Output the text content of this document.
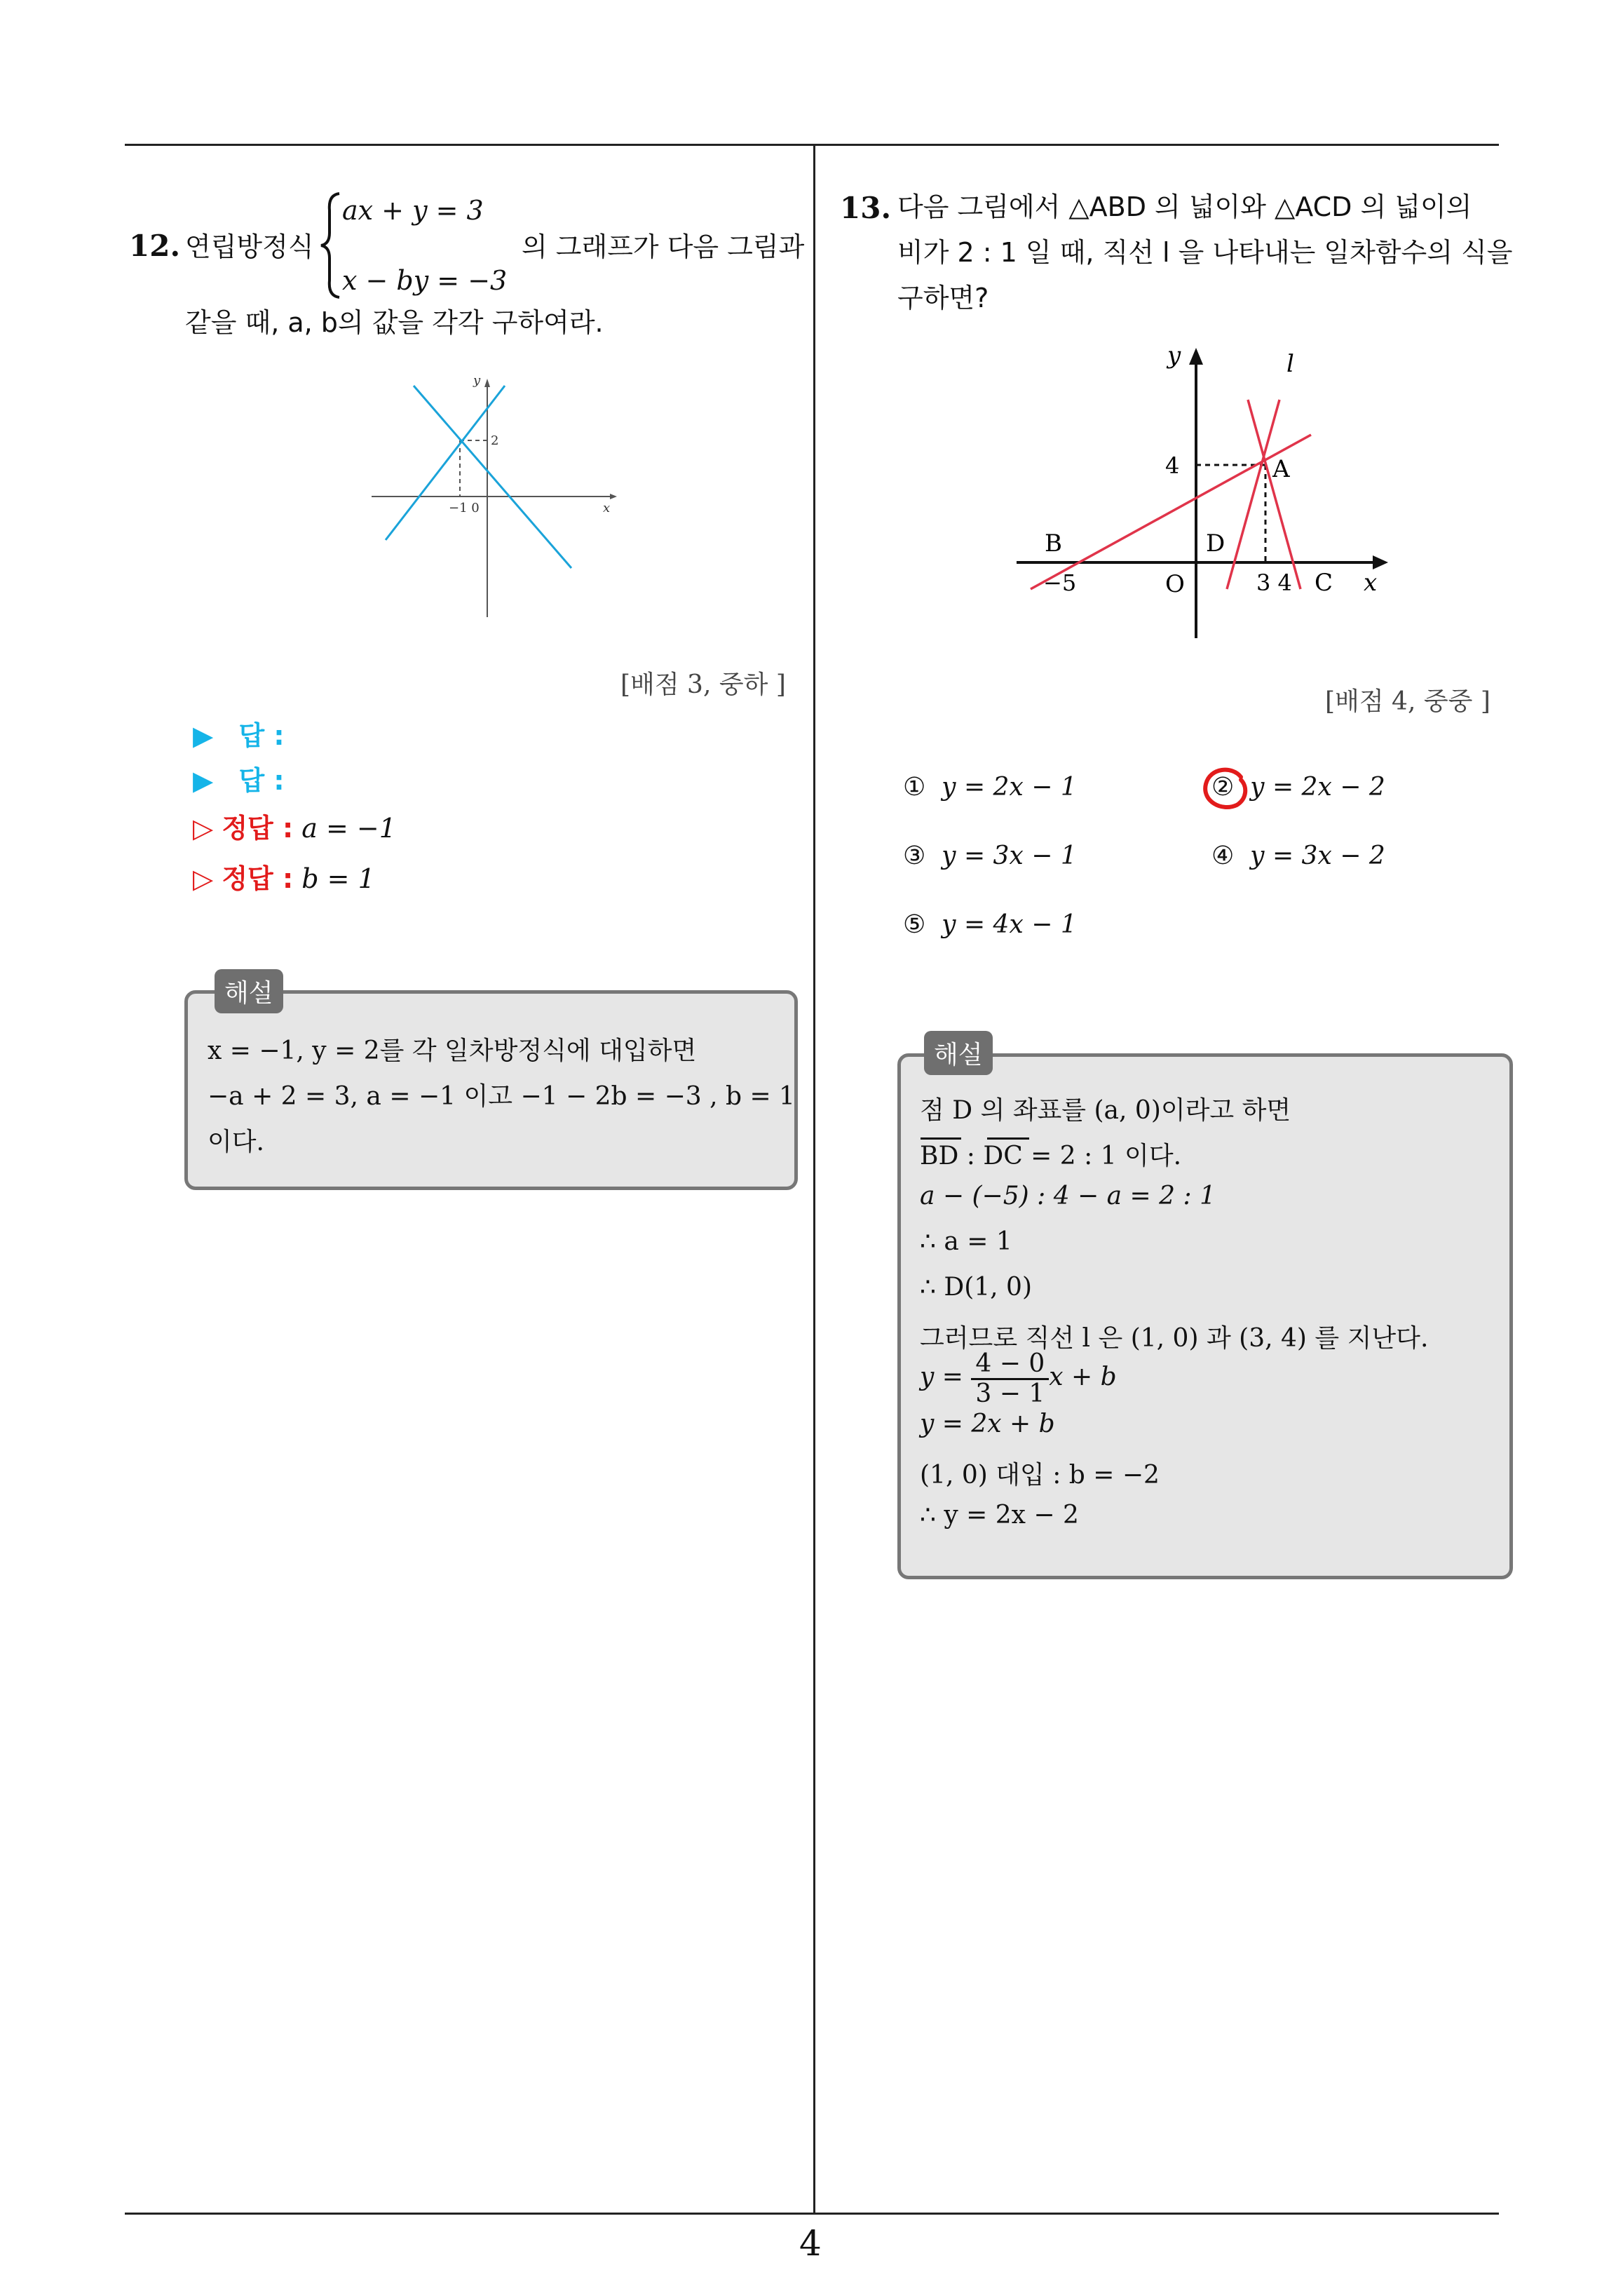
4
12. 연립방정식
ax + y = 3
x − by = −3
의 그래프가 다음 그림과
같을 때, a, b의 값을 각각 구하여라.
y
x
2
−1 0
[배점 3, 중하 ]
▶ 답 :
▶ 답 :
▷ 정답 : a = −1
▷ 정답 : b = 1
해설
x = −1, y = 2를 각 일차방정식에 대입하면
−a + 2 = 3, a = −1 이고 −1 − 2b = −3 , b = 1
이다.
13. 다음 그림에서 △ABD 의 넓이와 △ACD 의 넓이의
비가 2 : 1 일 때, 직선 l 을 나타내는 일차함수의 식을
구하면?
y	l
4	A
B	D
−5	O	3 4 C x
[배점 4, 중중 ]
① y = 2x − 1	② y = 2x − 2
③ y = 3x − 1	④ y = 3x − 2
⑤ y = 4x − 1
해설
점 D 의 좌표를 (a, 0)이라고 하면
BD : DC = 2 : 1 이다.
a − (−5) : 4 − a = 2 : 1
∴ a = 1
∴ D(1, 0)
그러므로 직선 l 은 (1, 0) 과 (3, 4) 를 지난다.
$y = \frac{4 - 0}{3 - 1}$ x + b
y = 2x + b
(1, 0) 대입 : b = −2
∴ y = 2x − 2
